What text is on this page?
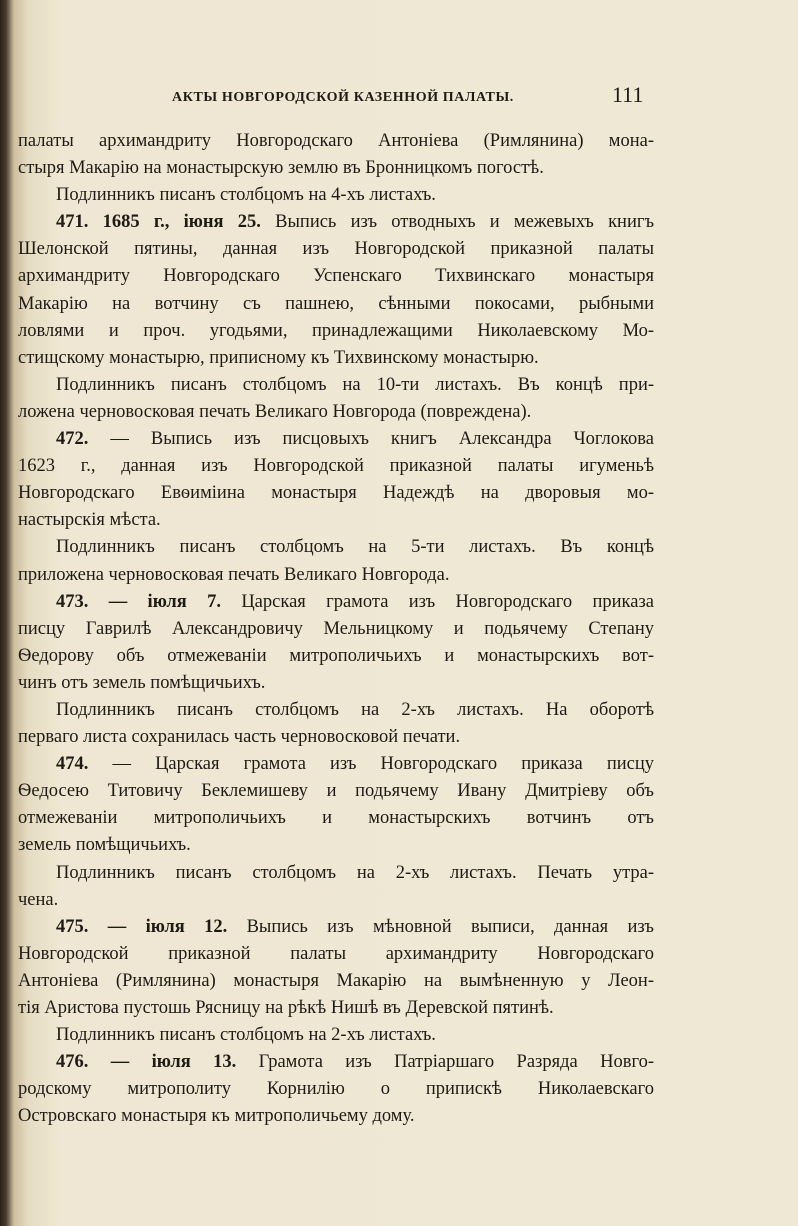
АКТЫ НОВГОРОДСКОЙ КАЗЕННОЙ ПАЛАТЫ.	111

палаты архимандриту Новгородскаго Антоніева (Римлянина) мона-
стыря Макарію на монастырскую землю въ Бронницкомъ погостѣ.

Подлинникъ писанъ столбцомъ на 4-хъ листахъ.

471. 1685 г., іюня 25. Выпись изъ отводныхъ и межевыхъ книгъ
Шелонской пятины, данная изъ Новгородской приказной палаты
архимандриту Новгородскаго Успенскаго Тихвинскаго монастыря
Макарію на вотчину съ пашнею, сѣнными покосами, рыбными
ловлями и проч. угодьями, принадлежащими Николаевскому Мо-
стищскому монастырю, приписному къ Тихвинскому монастырю.

Подлинникъ писанъ столбцомъ на 10-ти листахъ. Въ концѣ при-
ложена черновосковая печать Великаго Новгорода (повреждена).

472. — Выпись изъ писцовыхъ книгъ Александра Чоглокова
1623 г., данная изъ Новгородской приказной палаты игуменьѣ
Новгородскаго Евѳиміина монастыря Надеждѣ на дворовыя мо-
настырскія мѣста.

Подлинникъ писанъ столбцомъ на 5-ти листахъ. Въ концѣ
приложена черновосковая печать Великаго Новгорода.

473. — іюля 7. Царская грамота изъ Новгородскаго приказа
писцу Гаврилѣ Александровичу Мельницкому и подьячему Степану
Ѳедорову объ отмежеваніи митрополичьихъ и монастырскихъ вот-
чинъ отъ земель помѣщичьихъ.

Подлинникъ писанъ столбцомъ на 2-хъ листахъ. На оборотѣ
перваго листа сохранилась часть черновосковой печати.

474. — Царская грамота изъ Новгородскаго приказа писцу
Ѳедосею Титовичу Беклемишеву и подьячему Ивану Дмитріеву объ
отмежеваніи митрополичьихъ и монастырскихъ вотчинъ отъ
земель помѣщичьихъ.

Подлинникъ писанъ столбцомъ на 2-хъ листахъ. Печать утра-
чена.

475. — іюля 12. Выпись изъ мѣновной выписи, данная изъ
Новгородской приказной палаты архимандриту Новгородскаго
Антоніева (Римлянина) монастыря Макарію на вымѣненную у Леон-
тія Аристова пустошь Рясницу на рѣкѣ Нишѣ въ Деревской пятинѣ.

Подлинникъ писанъ столбцомъ на 2-хъ листахъ.

476. — іюля 13. Грамота изъ Патріаршаго Разряда Новго-
родскому митрополиту Корнилію о припискѣ Николаевскаго
Островскаго монастыря къ митрополичьему дому.
